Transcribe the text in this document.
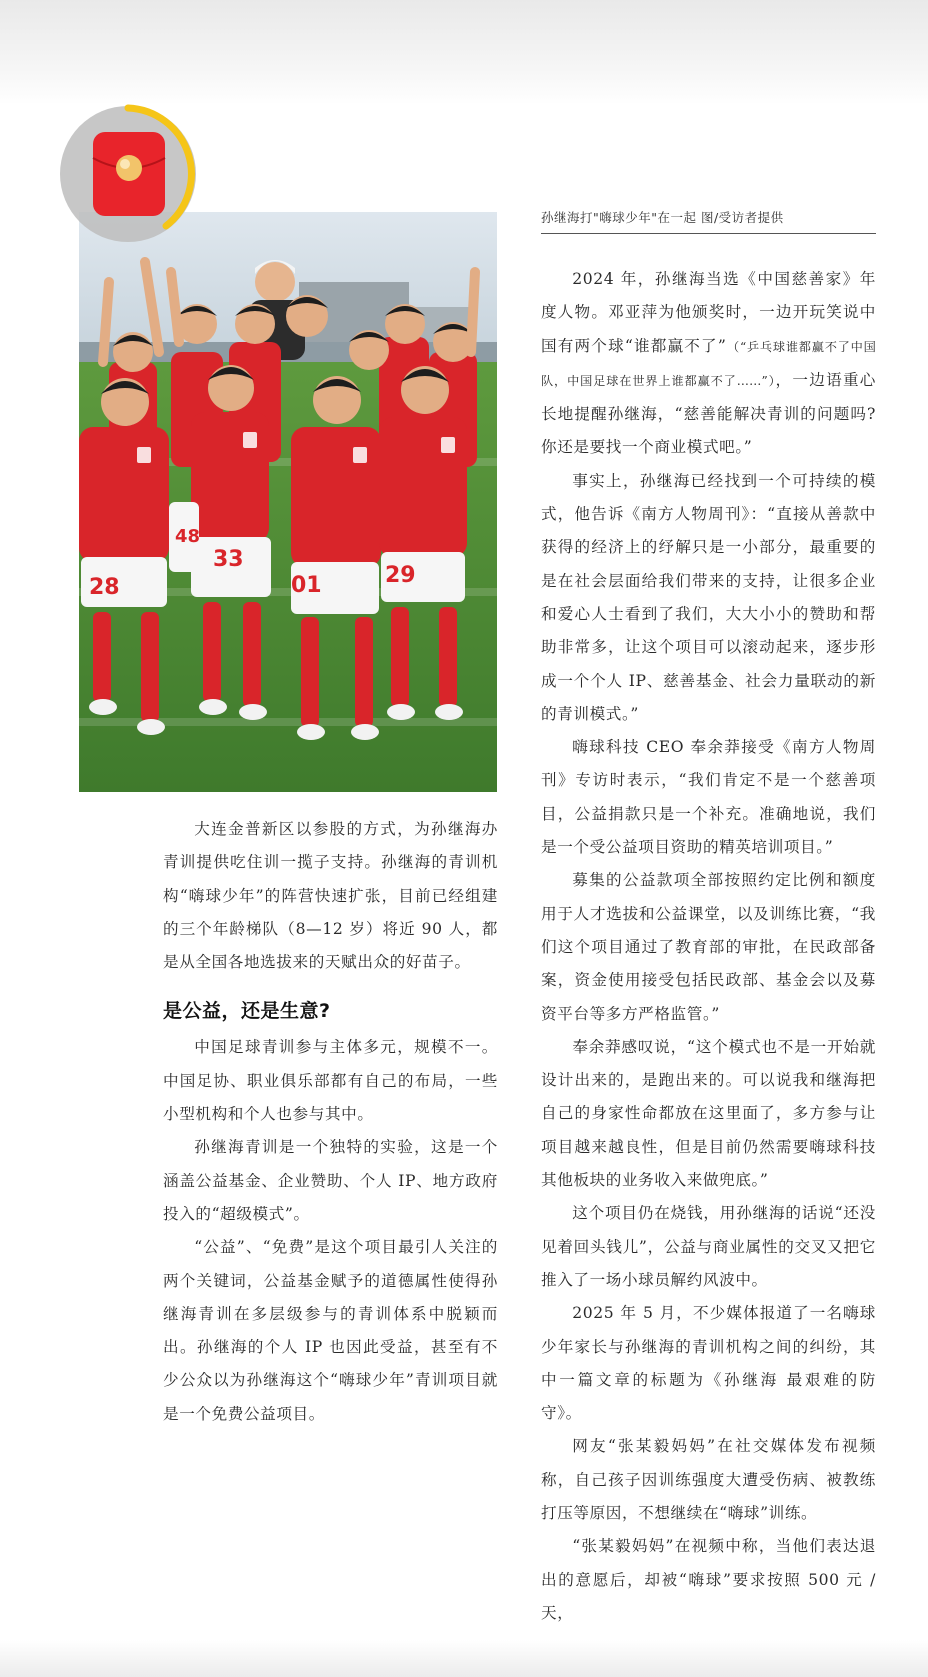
28
33
48
01	29
孙继海打"嗨球少年"在一起 图/受访者提供

大连金普新区以参股的方式，为孙继海办青训提供吃住训一揽子支持。孙继海的青训机构“嗨球少年”的阵营快速扩张，目前已经组建的三个年龄梯队（8—12 岁）将近 90 人，都是从全国各地选拔来的天赋出众的好苗子。

是公益，还是生意?

中国足球青训参与主体多元，规模不一。中国足协、职业俱乐部都有自己的布局，一些小型机构和个人也参与其中。

孙继海青训是一个独特的实验，这是一个涵盖公益基金、企业赞助、个人 IP、地方政府投入的“超级模式”。

“公益”、“免费”是这个项目最引人关注的两个关键词，公益基金赋予的道德属性使得孙继海青训在多层级参与的青训体系中脱颖而出。孙继海的个人 IP 也因此受益，甚至有不少公众以为孙继海这个“嗨球少年”青训项目就是一个免费公益项目。

2024 年，孙继海当选《中国慈善家》年度人物。邓亚萍为他颁奖时，一边开玩笑说中国有两个球“谁都赢不了”（“乒乓球谁都赢不了中国队，中国足球在世界上谁都赢不了……”），一边语重心长地提醒孙继海，“慈善能解决青训的问题吗? 你还是要找一个商业模式吧。”

事实上，孙继海已经找到一个可持续的模式，他告诉《南方人物周刊》：“直接从善款中获得的经济上的纾解只是一小部分，最重要的是在社会层面给我们带来的支持，让很多企业和爱心人士看到了我们，大大小小的赞助和帮助非常多，让这个项目可以滚动起来，逐步形成一个个人 IP、慈善基金、社会力量联动的新的青训模式。”

嗨球科技 CEO 奉余莽接受《南方人物周刊》专访时表示，“我们肯定不是一个慈善项目，公益捐款只是一个补充。准确地说，我们是一个受公益项目资助的精英培训项目。”

募集的公益款项全部按照约定比例和额度用于人才选拔和公益课堂，以及训练比赛，“我们这个项目通过了教育部的审批，在民政部备案，资金使用接受包括民政部、基金会以及募资平台等多方严格监管。”

奉余莽感叹说，“这个模式也不是一开始就设计出来的，是跑出来的。可以说我和继海把自己的身家性命都放在这里面了，多方参与让项目越来越良性，但是目前仍然需要嗨球科技其他板块的业务收入来做兜底。”

这个项目仍在烧钱，用孙继海的话说“还没见着回头钱儿”，公益与商业属性的交叉又把它推入了一场小球员解约风波中。

2025 年 5 月，不少媒体报道了一名嗨球少年家长与孙继海的青训机构之间的纠纷，其中一篇文章的标题为《孙继海 最艰难的防守》。

网友“张某毅妈妈”在社交媒体发布视频称，自己孩子因训练强度大遭受伤病、被教练打压等原因，不想继续在“嗨球”训练。

“张某毅妈妈”在视频中称，当他们表达退出的意愿后，却被“嗨球”要求按照 500 元 / 天，
